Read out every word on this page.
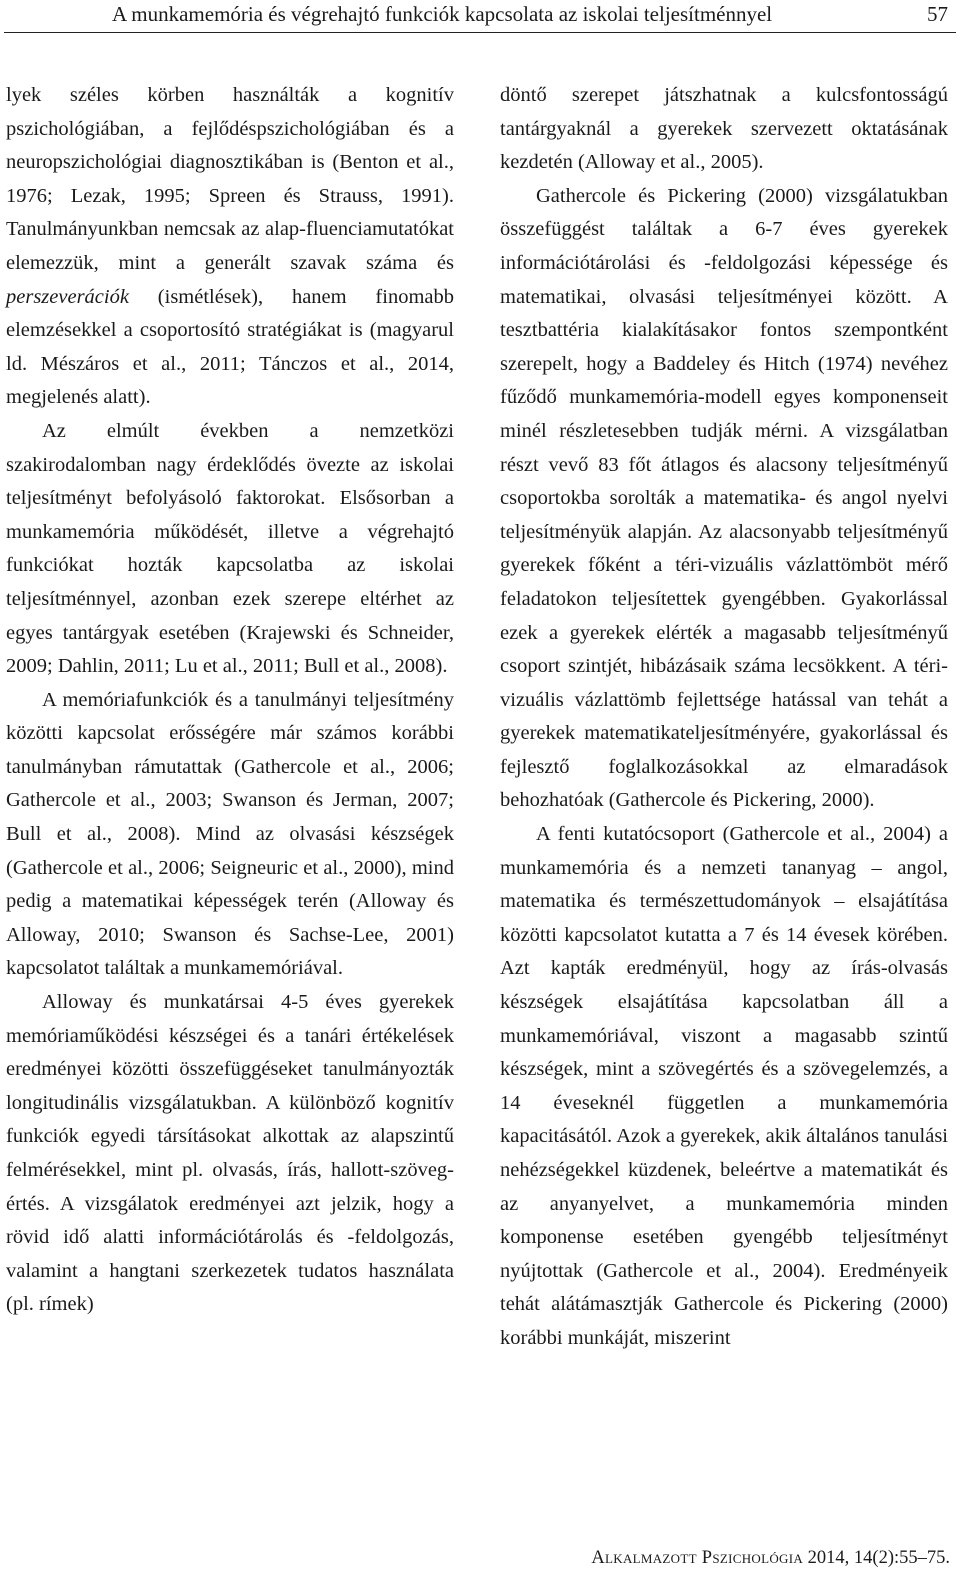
A munkamemória és végrehajtó funkciók kapcsolata az iskolai teljesítménnyel	57

lyek széles körben használták a kognitív pszichológiában, a fejlődéspszichológiában és a neuropszichológiai diagnosztikában is (Benton et al., 1976; Lezak, 1995; Spreen és Strauss, 1991). Tanulmányunkban nemcsak az alap-fluenciamutatókat elemezzük, mint a generált szavak száma és perszeverációk (ismétlések), hanem finomabb elemzésekkel a csoportosító stratégiákat is (magyarul ld. Mészáros et al., 2011; Tánczos et al., 2014, megjelenés alatt).

Az elmúlt években a nemzetközi szakirodalomban nagy érdeklődés övezte az iskolai teljesítményt befolyásoló faktorokat. Elsősorban a munkamemória működését, illetve a végrehajtó funkciókat hozták kapcsolatba az iskolai teljesítménnyel, azonban ezek szerepe eltérhet az egyes tantárgyak esetében (Krajewski és Schneider, 2009; Dahlin, 2011; Lu et al., 2011; Bull et al., 2008).

A memóriafunkciók és a tanulmányi teljesítmény közötti kapcsolat erősségére már számos korábbi tanulmányban rámutattak (Gathercole et al., 2006; Gathercole et al., 2003; Swanson és Jerman, 2007; Bull et al., 2008). Mind az olvasási készségek (Gathercole et al., 2006; Seigneuric et al., 2000), mind pedig a matematikai képességek terén (Alloway és Alloway, 2010; Swanson és Sachse-Lee, 2001) kapcsolatot találtak a munkamemóriával.

Alloway és munkatársai 4-5 éves gyerekek memóriaműködési készségei és a tanári értékelések eredményei közötti összefüggéseket tanulmányozták longitudinális vizsgálatukban. A különböző kognitív funkciók egyedi társításokat alkottak az alapszintű felmérésekkel, mint pl. olvasás, írás, hallott-szöveg-értés. A vizsgálatok eredményei azt jelzik, hogy a rövid idő alatti információtárolás és -feldolgozás, valamint a hangtani szerkezetek tudatos használata (pl. rímek)

döntő szerepet játszhatnak a kulcsfontosságú tantárgyaknál a gyerekek szervezett oktatásának kezdetén (Alloway et al., 2005).

Gathercole és Pickering (2000) vizsgálatukban összefüggést találtak a 6-7 éves gyerekek információtárolási és -feldolgozási képessége és matematikai, olvasási teljesítményei között. A tesztbattéria kialakításakor fontos szempontként szerepelt, hogy a Baddeley és Hitch (1974) nevéhez fűződő munkamemória-modell egyes komponenseit minél részletesebben tudják mérni. A vizsgálatban részt vevő 83 főt átlagos és alacsony teljesítményű csoportokba sorolták a matematika- és angol nyelvi teljesítményük alapján. Az alacsonyabb teljesítményű gyerekek főként a téri-vizuális vázlattömböt mérő feladatokon teljesítettek gyengébben. Gyakorlással ezek a gyerekek elérték a magasabb teljesítményű csoport szintjét, hibázásaik száma lecsökkent. A téri-vizuális vázlattömb fejlettsége hatással van tehát a gyerekek matematikateljesítményére, gyakorlással és fejlesztő foglalkozásokkal az elmaradások behozhatóak (Gathercole és Pickering, 2000).

A fenti kutatócsoport (Gathercole et al., 2004) a munkamemória és a nemzeti tananyag – angol, matematika és természettudományok – elsajátítása közötti kapcsolatot kutatta a 7 és 14 évesek körében. Azt kapták eredményül, hogy az írás-olvasás készségek elsajátítása kapcsolatban áll a munkamemóriával, viszont a magasabb szintű készségek, mint a szövegértés és a szövegelemzés, a 14 éveseknél független a munkamemória kapacitásától. Azok a gyerekek, akik általános tanulási nehézségekkel küzdenek, beleértve a matematikát és az anyanyelvet, a munkamemória minden komponense esetében gyengébb teljesítményt nyújtottak (Gathercole et al., 2004). Eredményeik tehát alátámasztják Gathercole és Pickering (2000) korábbi munkáját, miszerint

Alkalmazott Pszichológia 2014, 14(2):55–75.
